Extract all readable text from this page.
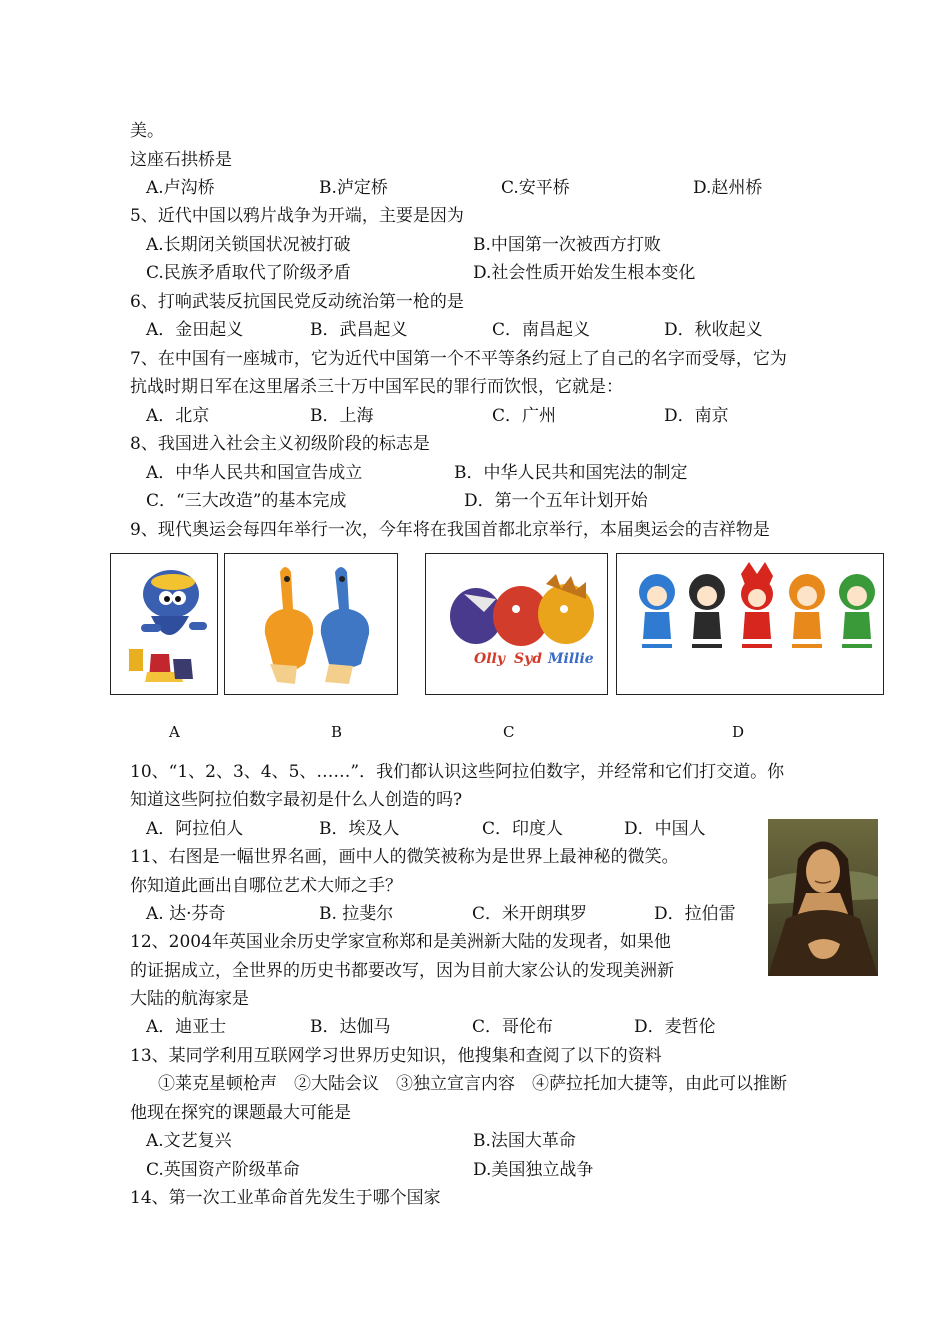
美。
这座石拱桥是
A.卢沟桥	B.泸定桥	C.安平桥	D.赵州桥
5、近代中国以鸦片战争为开端，主要是因为
A.长期闭关锁国状况被打破	B.中国第一次被西方打败
C.民族矛盾取代了阶级矛盾	D.社会性质开始发生根本变化
6、打响武装反抗国民党反动统治第一枪的是
A．金田起义	B．武昌起义	C．南昌起义	D．秋收起义
7、在中国有一座城市，它为近代中国第一个不平等条约冠上了自己的名字而受辱，它为
抗战时期日军在这里屠杀三十万中国军民的罪行而饮恨，它就是：
A．北京	B．上海	C．广州	D．南京
8、我国进入社会主义初级阶段的标志是
A．中华人民共和国宣告成立	B．中华人民共和国宪法的制定
C．“三大改造”的基本完成	D．第一个五年计划开始
9、现代奥运会每四年举行一次，今年将在我国首都北京举行，本届奥运会的吉祥物是
Olly Syd Millie
A	B	C	D
10、“1、2、3、4、5、……”．我们都认识这些阿拉伯数字，并经常和它们打交道。你
知道这些阿拉伯数字最初是什么人创造的吗?
A．阿拉伯人	B．埃及人	C．印度人	D．中国人
11、右图是一幅世界名画，画中人的微笑被称为是世界上最神秘的微笑。
你知道此画出自哪位艺术大师之手？
A. 达·芬奇	B. 拉斐尔	C．米开朗琪罗	D．拉伯雷
12、2004年英国业余历史学家宣称郑和是美洲新大陆的发现者，如果他
的证据成立，全世界的历史书都要改写，因为目前大家公认的发现美洲新
大陆的航海家是
A．迪亚士	B．达伽马	C．哥伦布	D．麦哲伦
13、某同学利用互联网学习世界历史知识，他搜集和查阅了以下的资料
①莱克星顿枪声　②大陆会议　③独立宣言内容　④萨拉托加大捷等，由此可以推断
他现在探究的课题最大可能是
A.文艺复兴	B.法国大革命
C.英国资产阶级革命	D.美国独立战争
14、第一次工业革命首先发生于哪个国家
